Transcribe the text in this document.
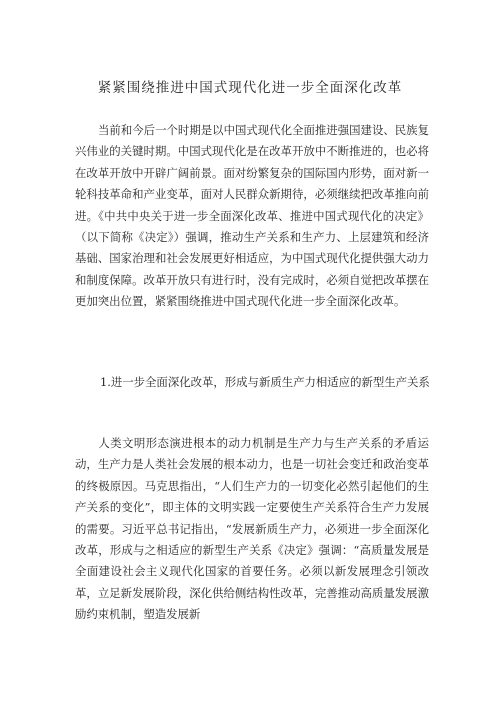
紧紧围绕推进中国式现代化进一步全面深化改革

当前和今后一个时期是以中国式现代化全面推进强国建设、民族复兴伟业的关键时期。中国式现代化是在改革开放中不断推进的，也必将在改革开放中开辟广阔前景。面对纷繁复杂的国际国内形势，面对新一轮科技革命和产业变革，面对人民群众新期待，必须继续把改革推向前进。《中共中央关于进一步全面深化改革、推进中国式现代化的决定》（以下简称《决定》）强调，推动生产关系和生产力、上层建筑和经济基础、国家治理和社会发展更好相适应，为中国式现代化提供强大动力和制度保障。改革开放只有进行时，没有完成时，必须自觉把改革摆在更加突出位置，紧紧围绕推进中国式现代化进一步全面深化改革。

1.进一步全面深化改革，形成与新质生产力相适应的新型生产关系

人类文明形态演进根本的动力机制是生产力与生产关系的矛盾运动，生产力是人类社会发展的根本动力，也是一切社会变迁和政治变革的终极原因。马克思指出，“人们生产力的一切变化必然引起他们的生产关系的变化”，即主体的文明实践一定要使生产关系符合生产力发展的需要。习近平总书记指出，“发展新质生产力，必须进一步全面深化改革，形成与之相适应的新型生产关系《决定》强调：“高质量发展是全面建设社会主义现代化国家的首要任务。必须以新发展理念引领改革，立足新发展阶段，深化供给侧结构性改革，完善推动高质量发展激励约束机制，塑造发展新
